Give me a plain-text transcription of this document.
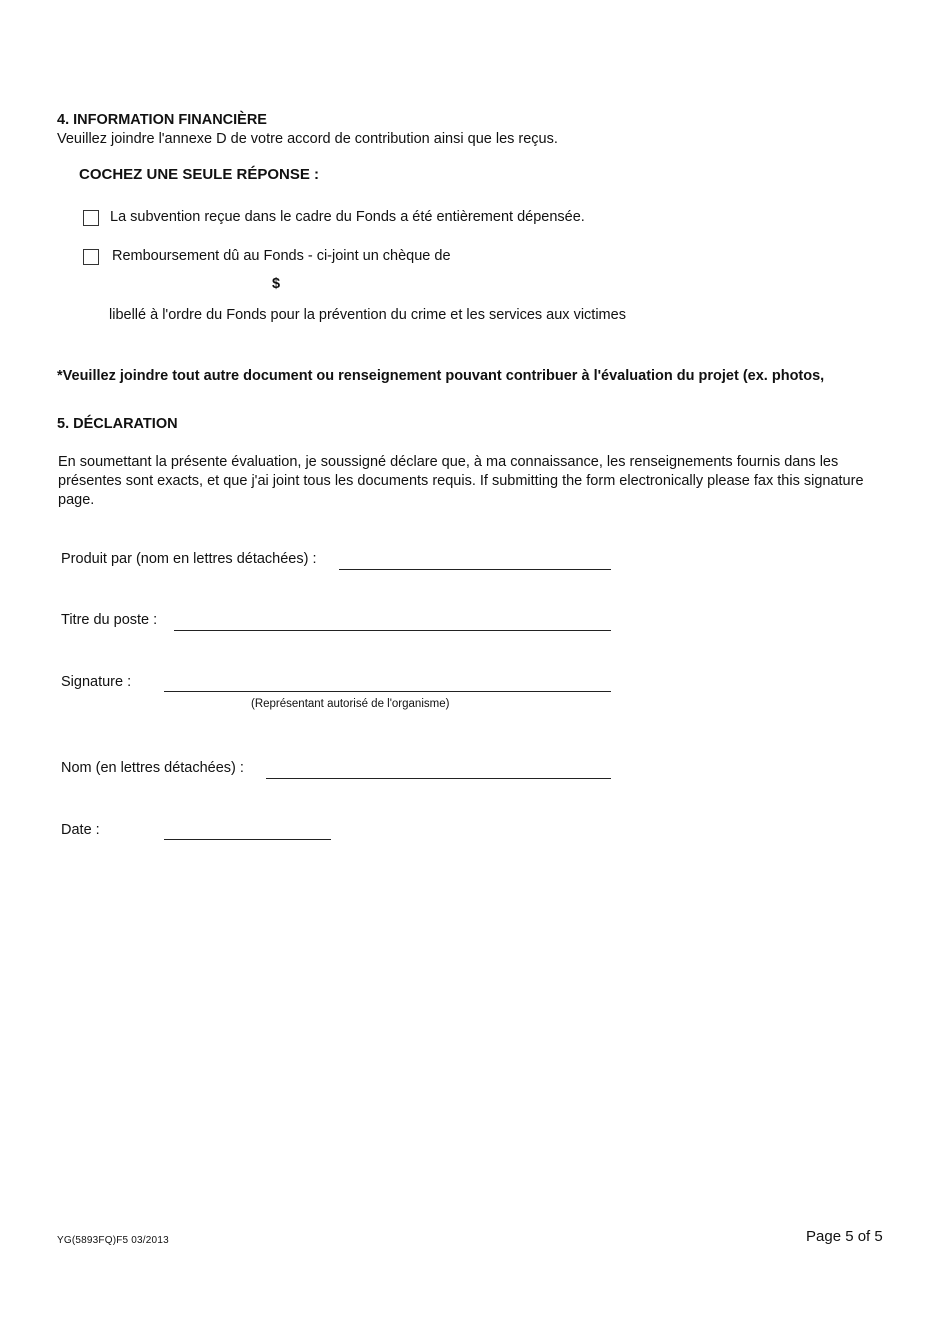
4. INFORMATION FINANCIÈRE
Veuillez joindre l'annexe D de votre accord de contribution ainsi que les reçus.
COCHEZ UNE SEULE RÉPONSE :
La subvention reçue dans le cadre du Fonds a été entièrement dépensée.
Remboursement dû au Fonds - ci-joint un chèque de
$
libellé à l'ordre du Fonds pour la prévention du crime et les services aux victimes
*Veuillez joindre tout autre document ou renseignement pouvant contribuer à l'évaluation du projet (ex. photos,
5. DÉCLARATION
En soumettant la présente évaluation, je soussigné déclare que, à ma connaissance, les renseignements fournis dans les présentes sont exacts, et que j'ai joint tous les documents requis. If submitting the form electronically please fax this signature page.
Produit par (nom en lettres détachées) :
Titre du poste :
Signature :
(Représentant autorisé de l'organisme)
Nom (en lettres détachées) :
Date :
YG(5893FQ)F5 03/2013	Page 5 of 5
